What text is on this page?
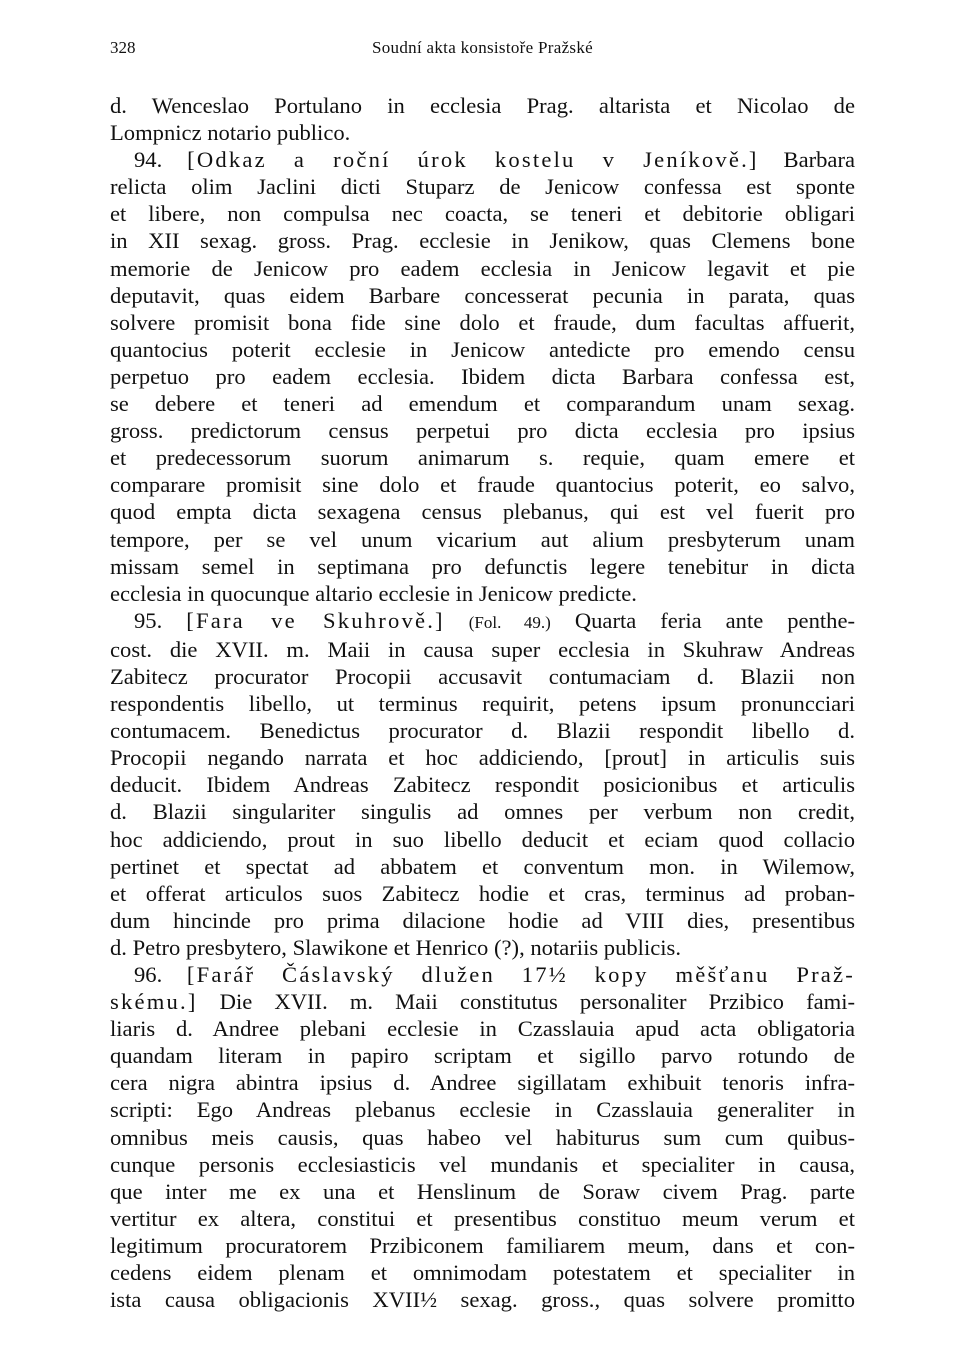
328	Soudní akta konsistoře Pražské

d. Wenceslao Portulano in ecclesia Prag. altarista et Nicolao de

Lompnicz notario publico.

94. [Odkaz a roční úrok kostelu v Jeníkově.] Barbara

relicta olim Jaclini dicti Stuparz de Jenicow confessa est sponte

et libere, non compulsa nec coacta, se teneri et debitorie obligari

in XII sexag. gross. Prag. ecclesie in Jenikow, quas Clemens bone

memorie de Jenicow pro eadem ecclesia in Jenicow legavit et pie

deputavit, quas eidem Barbare concesserat pecunia in parata, quas

solvere promisit bona fide sine dolo et fraude, dum facultas affuerit,

quantocius poterit ecclesie in Jenicow antedicte pro emendo censu

perpetuo pro eadem ecclesia. Ibidem dicta Barbara confessa est,

se debere et teneri ad emendum et comparandum unam sexag.

gross. predictorum census perpetui pro dicta ecclesia pro ipsius

et predecessorum suorum animarum s. requie, quam emere et

comparare promisit sine dolo et fraude quantocius poterit, eo salvo,

quod empta dicta sexagena census plebanus, qui est vel fuerit pro

tempore, per se vel unum vicarium aut alium presbyterum unam

missam semel in septimana pro defunctis legere tenebitur in dicta

ecclesia in quocunque altario ecclesie in Jenicow predicte.

95. [Fara ve Skuhrově.] (Fol. 49.) Quarta feria ante penthe-

cost. die XVII. m. Maii in causa super ecclesia in Skuhraw Andreas

Zabitecz procurator Procopii accusavit contumaciam d. Blazii non

respondentis libello, ut terminus requirit, petens ipsum pronuncciari

contumacem. Benedictus procurator d. Blazii respondit libello d.

Procopii negando narrata et hoc addiciendo, [prout] in articulis suis

deducit. Ibidem Andreas Zabitecz respondit posicionibus et articulis

d. Blazii singulariter singulis ad omnes per verbum non credit,

hoc addiciendo, prout in suo libello deducit et eciam quod collacio

pertinet et spectat ad abbatem et conventum mon. in Wilemow,

et offerat articulos suos Zabitecz hodie et cras, terminus ad proban-

dum hincinde pro prima dilacione hodie ad VIII dies, presentibus

d. Petro presbytero, Slawikone et Henrico (?), notariis publicis.

96. [Farář Čáslavský dlužen 17½ kopy měšťanu Praž-

skému.] Die XVII. m. Maii constitutus personaliter Przibico fami-

liaris d. Andree plebani ecclesie in Czasslauia apud acta obligatoria

quandam literam in papiro scriptam et sigillo parvo rotundo de

cera nigra abintra ipsius d. Andree sigillatam exhibuit tenoris infra-

scripti: Ego Andreas plebanus ecclesie in Czasslauia generaliter in

omnibus meis causis, quas habeo vel habiturus sum cum quibus-

cunque personis ecclesiasticis vel mundanis et specialiter in causa,

que inter me ex una et Henslinum de Soraw civem Prag. parte

vertitur ex altera, constitui et presentibus constituo meum verum et

legitimum procuratorem Przibiconem familiarem meum, dans et con-

cedens eidem plenam et omnimodam potestatem et specialiter in

ista causa obligacionis XVII½ sexag. gross., quas solvere promitto
